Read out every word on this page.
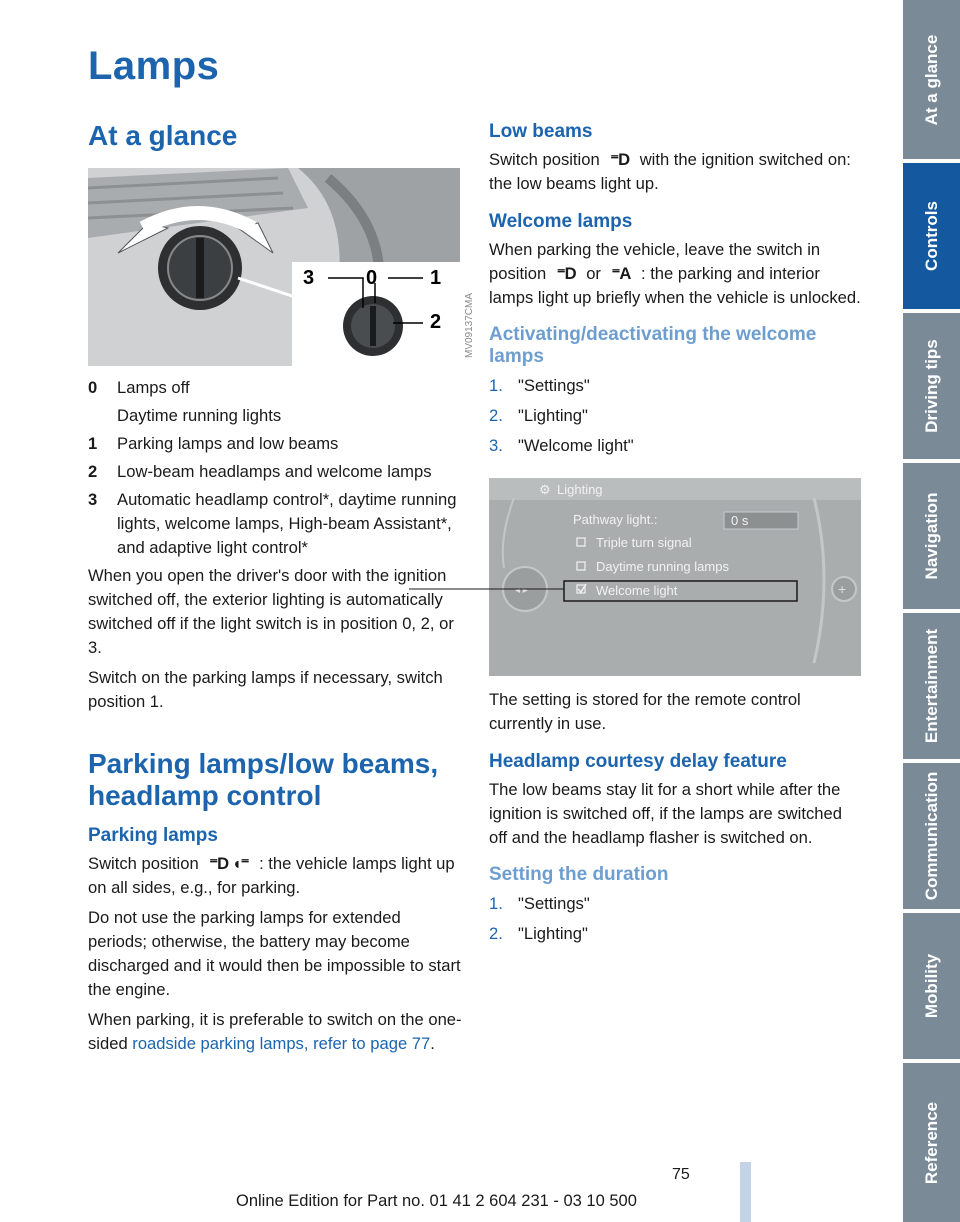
Lamps
At a glance
3	0	1
2 MV09137CMA
0	Lamps off
Daytime running lights
1	Parking lamps and low beams
2	Low-beam headlamps and welcome lamps
3	Automatic headlamp control*, daytime running lights, welcome lamps, High-beam Assistant*, and adaptive light control*

When you open the driver's door with the ignition switched off, the exterior lighting is automatically switched off if the light switch is in position 0, 2, or 3.

Switch on the parking lamps if necessary, switch position 1.

Parking lamps/low beams, headlamp control
Parking lamps

Switch position ⁼D ◖⁼ : the vehicle lamps light up on all sides, e.g., for parking.

Do not use the parking lamps for extended periods; otherwise, the battery may become discharged and it would then be impossible to start the engine.

When parking, it is preferable to switch on the one-sided roadside parking lamps, refer to page 77.

Low beams

Switch position ⁼D with the ignition switched on: the low beams light up.

Welcome lamps

When parking the vehicle, leave the switch in position ⁼D or ⁼A : the parking and interior lamps light up briefly when the vehicle is unlocked.

Activating/deactivating the welcome lamps
1. "Settings"
2. "Lighting"
3. "Welcome light"
Lighting
⚙
Pathway light.:	0 s
Triple turn signal
Daytime running lamps
Welcome light
◂ ▸	+

The setting is stored for the remote control currently in use.

Headlamp courtesy delay feature

The low beams stay lit for a short while after the ignition is switched off, if the lamps are switched off and the headlamp flasher is switched on.

Setting the duration
1. "Settings"
2. "Lighting"
At a glance
Controls
Driving tips
Navigation
Entertainment
Communication
Mobility
Reference
75
Online Edition for Part no. 01 41 2 604 231 - 03 10 500
